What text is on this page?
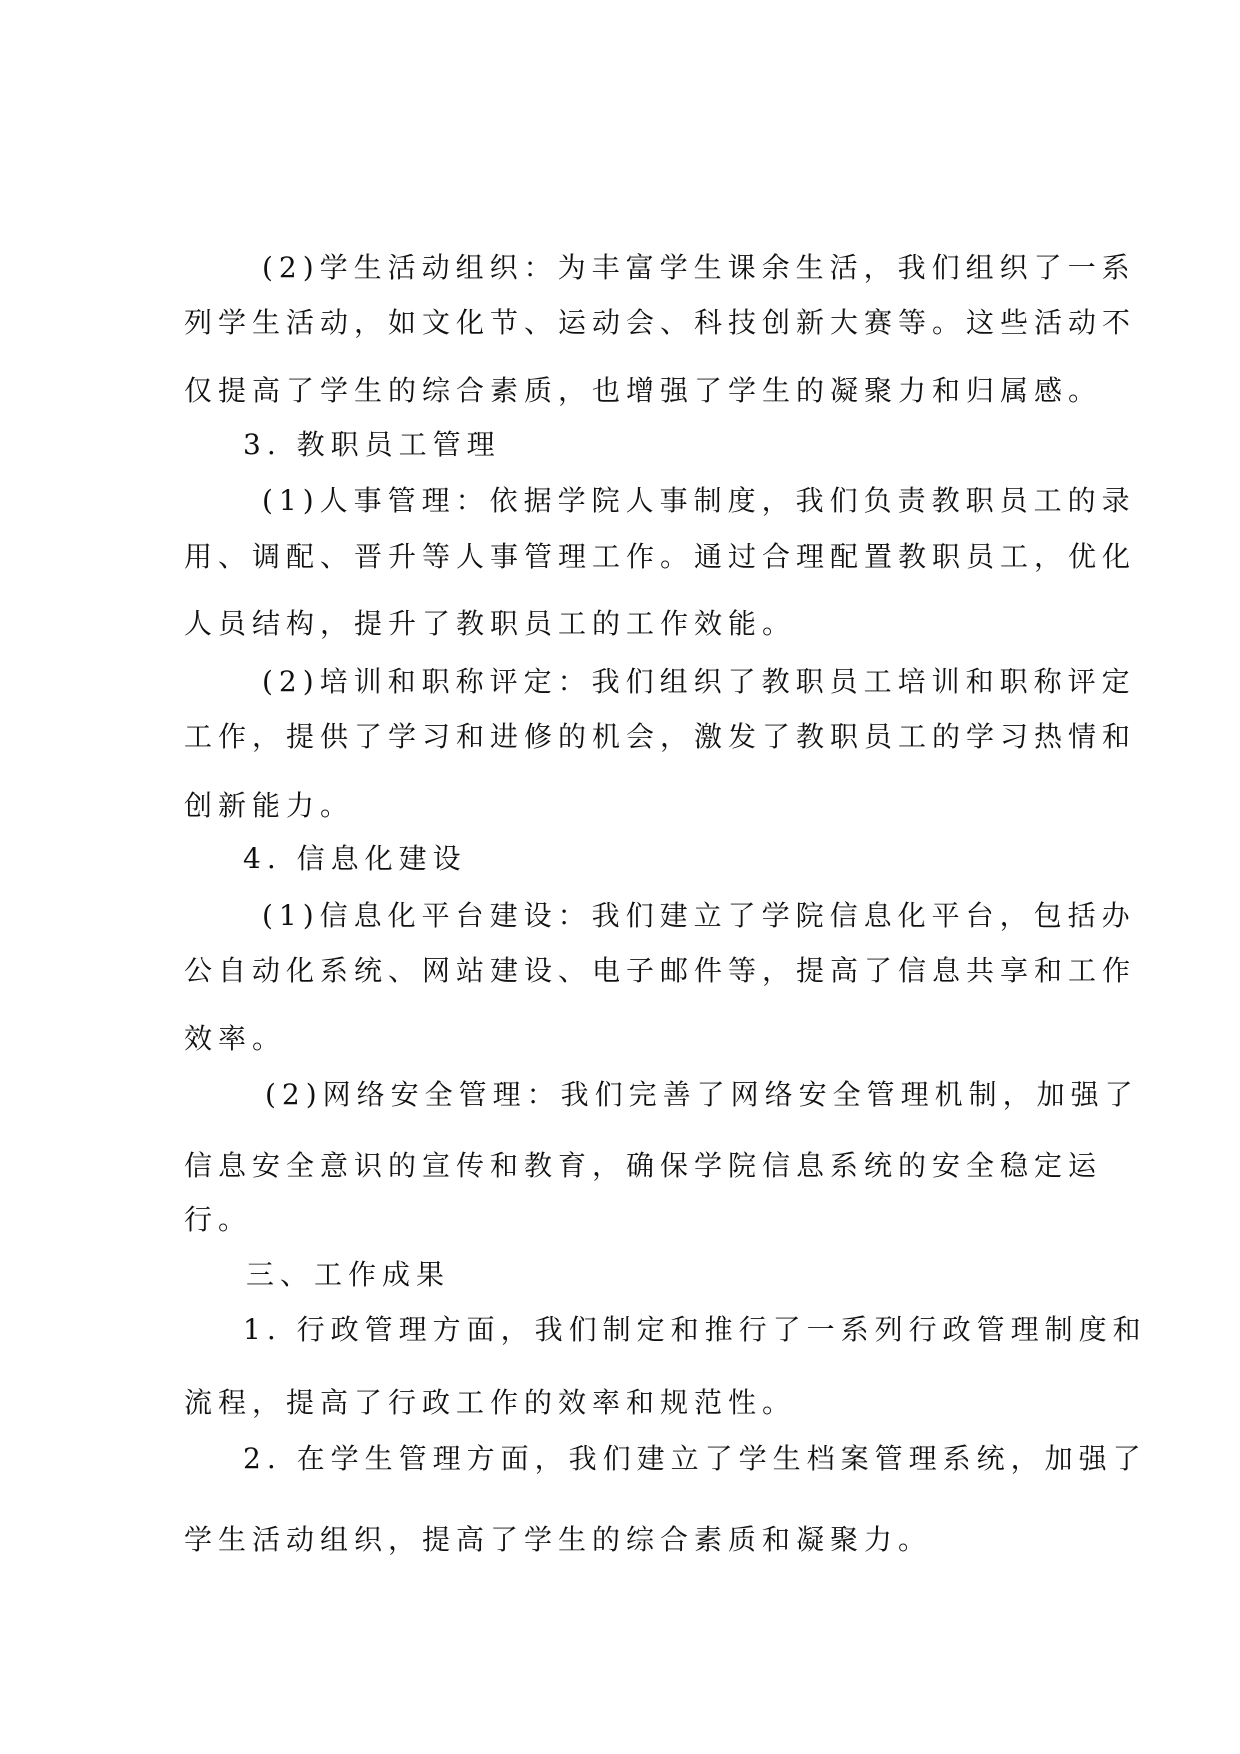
(2)学生活动组织：为丰富学生课余生活，我们组织了一系
列学生活动，如文化节、运动会、科技创新大赛等。这些活动不
仅提高了学生的综合素质，也增强了学生的凝聚力和归属感。
3. 教职员工管理
(1)人事管理：依据学院人事制度，我们负责教职员工的录
用、调配、晋升等人事管理工作。通过合理配置教职员工，优化
人员结构，提升了教职员工的工作效能。
(2)培训和职称评定：我们组织了教职员工培训和职称评定
工作，提供了学习和进修的机会，激发了教职员工的学习热情和
创新能力。
4. 信息化建设
(1)信息化平台建设：我们建立了学院信息化平台，包括办
公自动化系统、网站建设、电子邮件等，提高了信息共享和工作
效率。
(2)网络安全管理：我们完善了网络安全管理机制，加强了
信息安全意识的宣传和教育，确保学院信息系统的安全稳定运
行。
三、工作成果
1. 行政管理方面，我们制定和推行了一系列行政管理制度和
流程，提高了行政工作的效率和规范性。
2. 在学生管理方面，我们建立了学生档案管理系统，加强了
学生活动组织，提高了学生的综合素质和凝聚力。
